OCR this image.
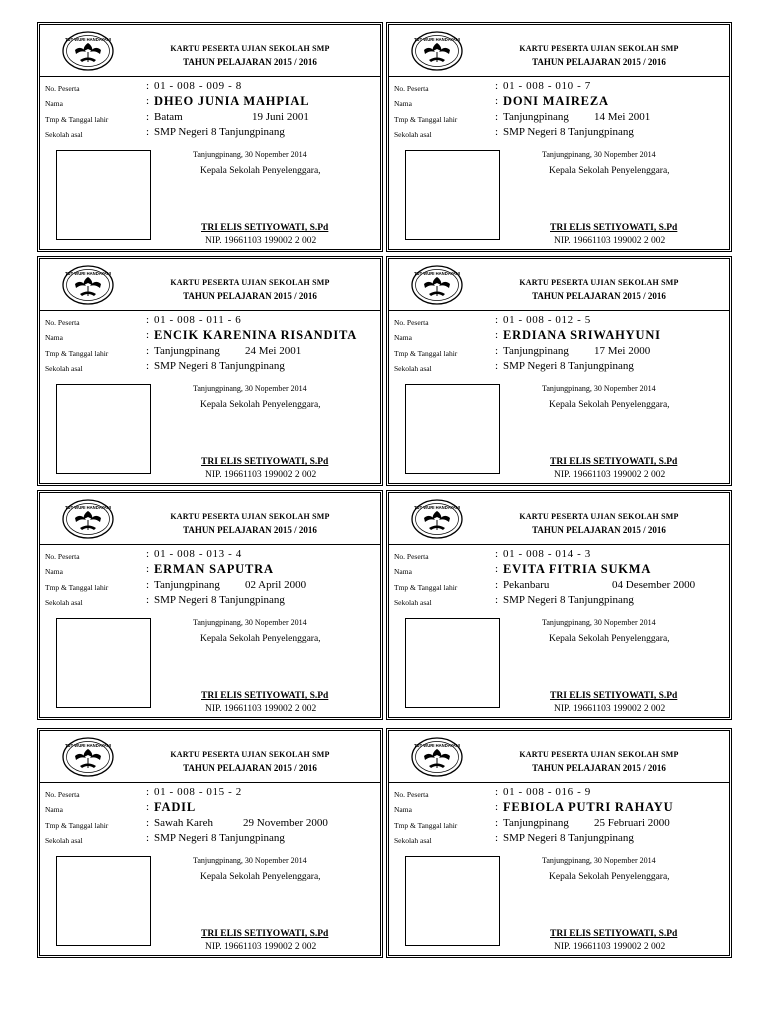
TUT WURI HANDAYANI
KARTU PESERTA UJIAN SEKOLAH SMP
TAHUN PELAJARAN 2015 / 2016
No. Peserta	: 01 - 008 - 009 - 8
Nama	: DHEO JUNIA MAHPIAL
Tmp & Tanggal lahir	: Batam	19 Juni 2001
Sekolah asal	: SMP Negeri 8 Tanjungpinang
Tanjungpinang, 30 Nopember 2014
Kepala Sekolah Penyelenggara,
TRI ELIS SETIYOWATI, S.Pd
NIP. 19661103 199002 2 002
TUT WURI HANDAYANI
KARTU PESERTA UJIAN SEKOLAH SMP
TAHUN PELAJARAN 2015 / 2016
No. Peserta	: 01 - 008 - 010 - 7
Nama	: DONI MAIREZA
Tmp & Tanggal lahir	: Tanjungpinang 14 Mei 2001
Sekolah asal	: SMP Negeri 8 Tanjungpinang
Tanjungpinang, 30 Nopember 2014
Kepala Sekolah Penyelenggara,
TRI ELIS SETIYOWATI, S.Pd
NIP. 19661103 199002 2 002
TUT WURI HANDAYANI
KARTU PESERTA UJIAN SEKOLAH SMP
TAHUN PELAJARAN 2015 / 2016
No. Peserta	: 01 - 008 - 011 - 6
Nama	: ENCIK KARENINA RISANDITA
Tmp & Tanggal lahir	: Tanjungpinang 24 Mei 2001
Sekolah asal	: SMP Negeri 8 Tanjungpinang
Tanjungpinang, 30 Nopember 2014
Kepala Sekolah Penyelenggara,
TRI ELIS SETIYOWATI, S.Pd
NIP. 19661103 199002 2 002
TUT WURI HANDAYANI
KARTU PESERTA UJIAN SEKOLAH SMP
TAHUN PELAJARAN 2015 / 2016
No. Peserta	: 01 - 008 - 012 - 5
Nama	: ERDIANA SRIWAHYUNI
Tmp & Tanggal lahir	: Tanjungpinang 17 Mei 2000
Sekolah asal	: SMP Negeri 8 Tanjungpinang
Tanjungpinang, 30 Nopember 2014
Kepala Sekolah Penyelenggara,
TRI ELIS SETIYOWATI, S.Pd
NIP. 19661103 199002 2 002
TUT WURI HANDAYANI
KARTU PESERTA UJIAN SEKOLAH SMP
TAHUN PELAJARAN 2015 / 2016
No. Peserta	: 01 - 008 - 013 - 4
Nama	: ERMAN SAPUTRA
Tmp & Tanggal lahir	: Tanjungpinang 02 April 2000
Sekolah asal	: SMP Negeri 8 Tanjungpinang
Tanjungpinang, 30 Nopember 2014
Kepala Sekolah Penyelenggara,
TRI ELIS SETIYOWATI, S.Pd
NIP. 19661103 199002 2 002
TUT WURI HANDAYANI
KARTU PESERTA UJIAN SEKOLAH SMP
TAHUN PELAJARAN 2015 / 2016
No. Peserta	: 01 - 008 - 014 - 3
Nama	: EVITA FITRIA SUKMA
Tmp & Tanggal lahir	: Pekanbaru	04 Desember 2000
Sekolah asal	: SMP Negeri 8 Tanjungpinang
Tanjungpinang, 30 Nopember 2014
Kepala Sekolah Penyelenggara,
TRI ELIS SETIYOWATI, S.Pd
NIP. 19661103 199002 2 002
TUT WURI HANDAYANI
KARTU PESERTA UJIAN SEKOLAH SMP
TAHUN PELAJARAN 2015 / 2016
No. Peserta	: 01 - 008 - 015 - 2
Nama	: FADIL
Tmp & Tanggal lahir	: Sawah Kareh	29 November 2000
Sekolah asal	: SMP Negeri 8 Tanjungpinang
Tanjungpinang, 30 Nopember 2014
Kepala Sekolah Penyelenggara,
TRI ELIS SETIYOWATI, S.Pd
NIP. 19661103 199002 2 002
TUT WURI HANDAYANI
KARTU PESERTA UJIAN SEKOLAH SMP
TAHUN PELAJARAN 2015 / 2016
No. Peserta	: 01 - 008 - 016 - 9
Nama	: FEBIOLA PUTRI RAHAYU
Tmp & Tanggal lahir	: Tanjungpinang 25 Februari 2000
Sekolah asal	: SMP Negeri 8 Tanjungpinang
Tanjungpinang, 30 Nopember 2014
Kepala Sekolah Penyelenggara,
TRI ELIS SETIYOWATI, S.Pd
NIP. 19661103 199002 2 002
